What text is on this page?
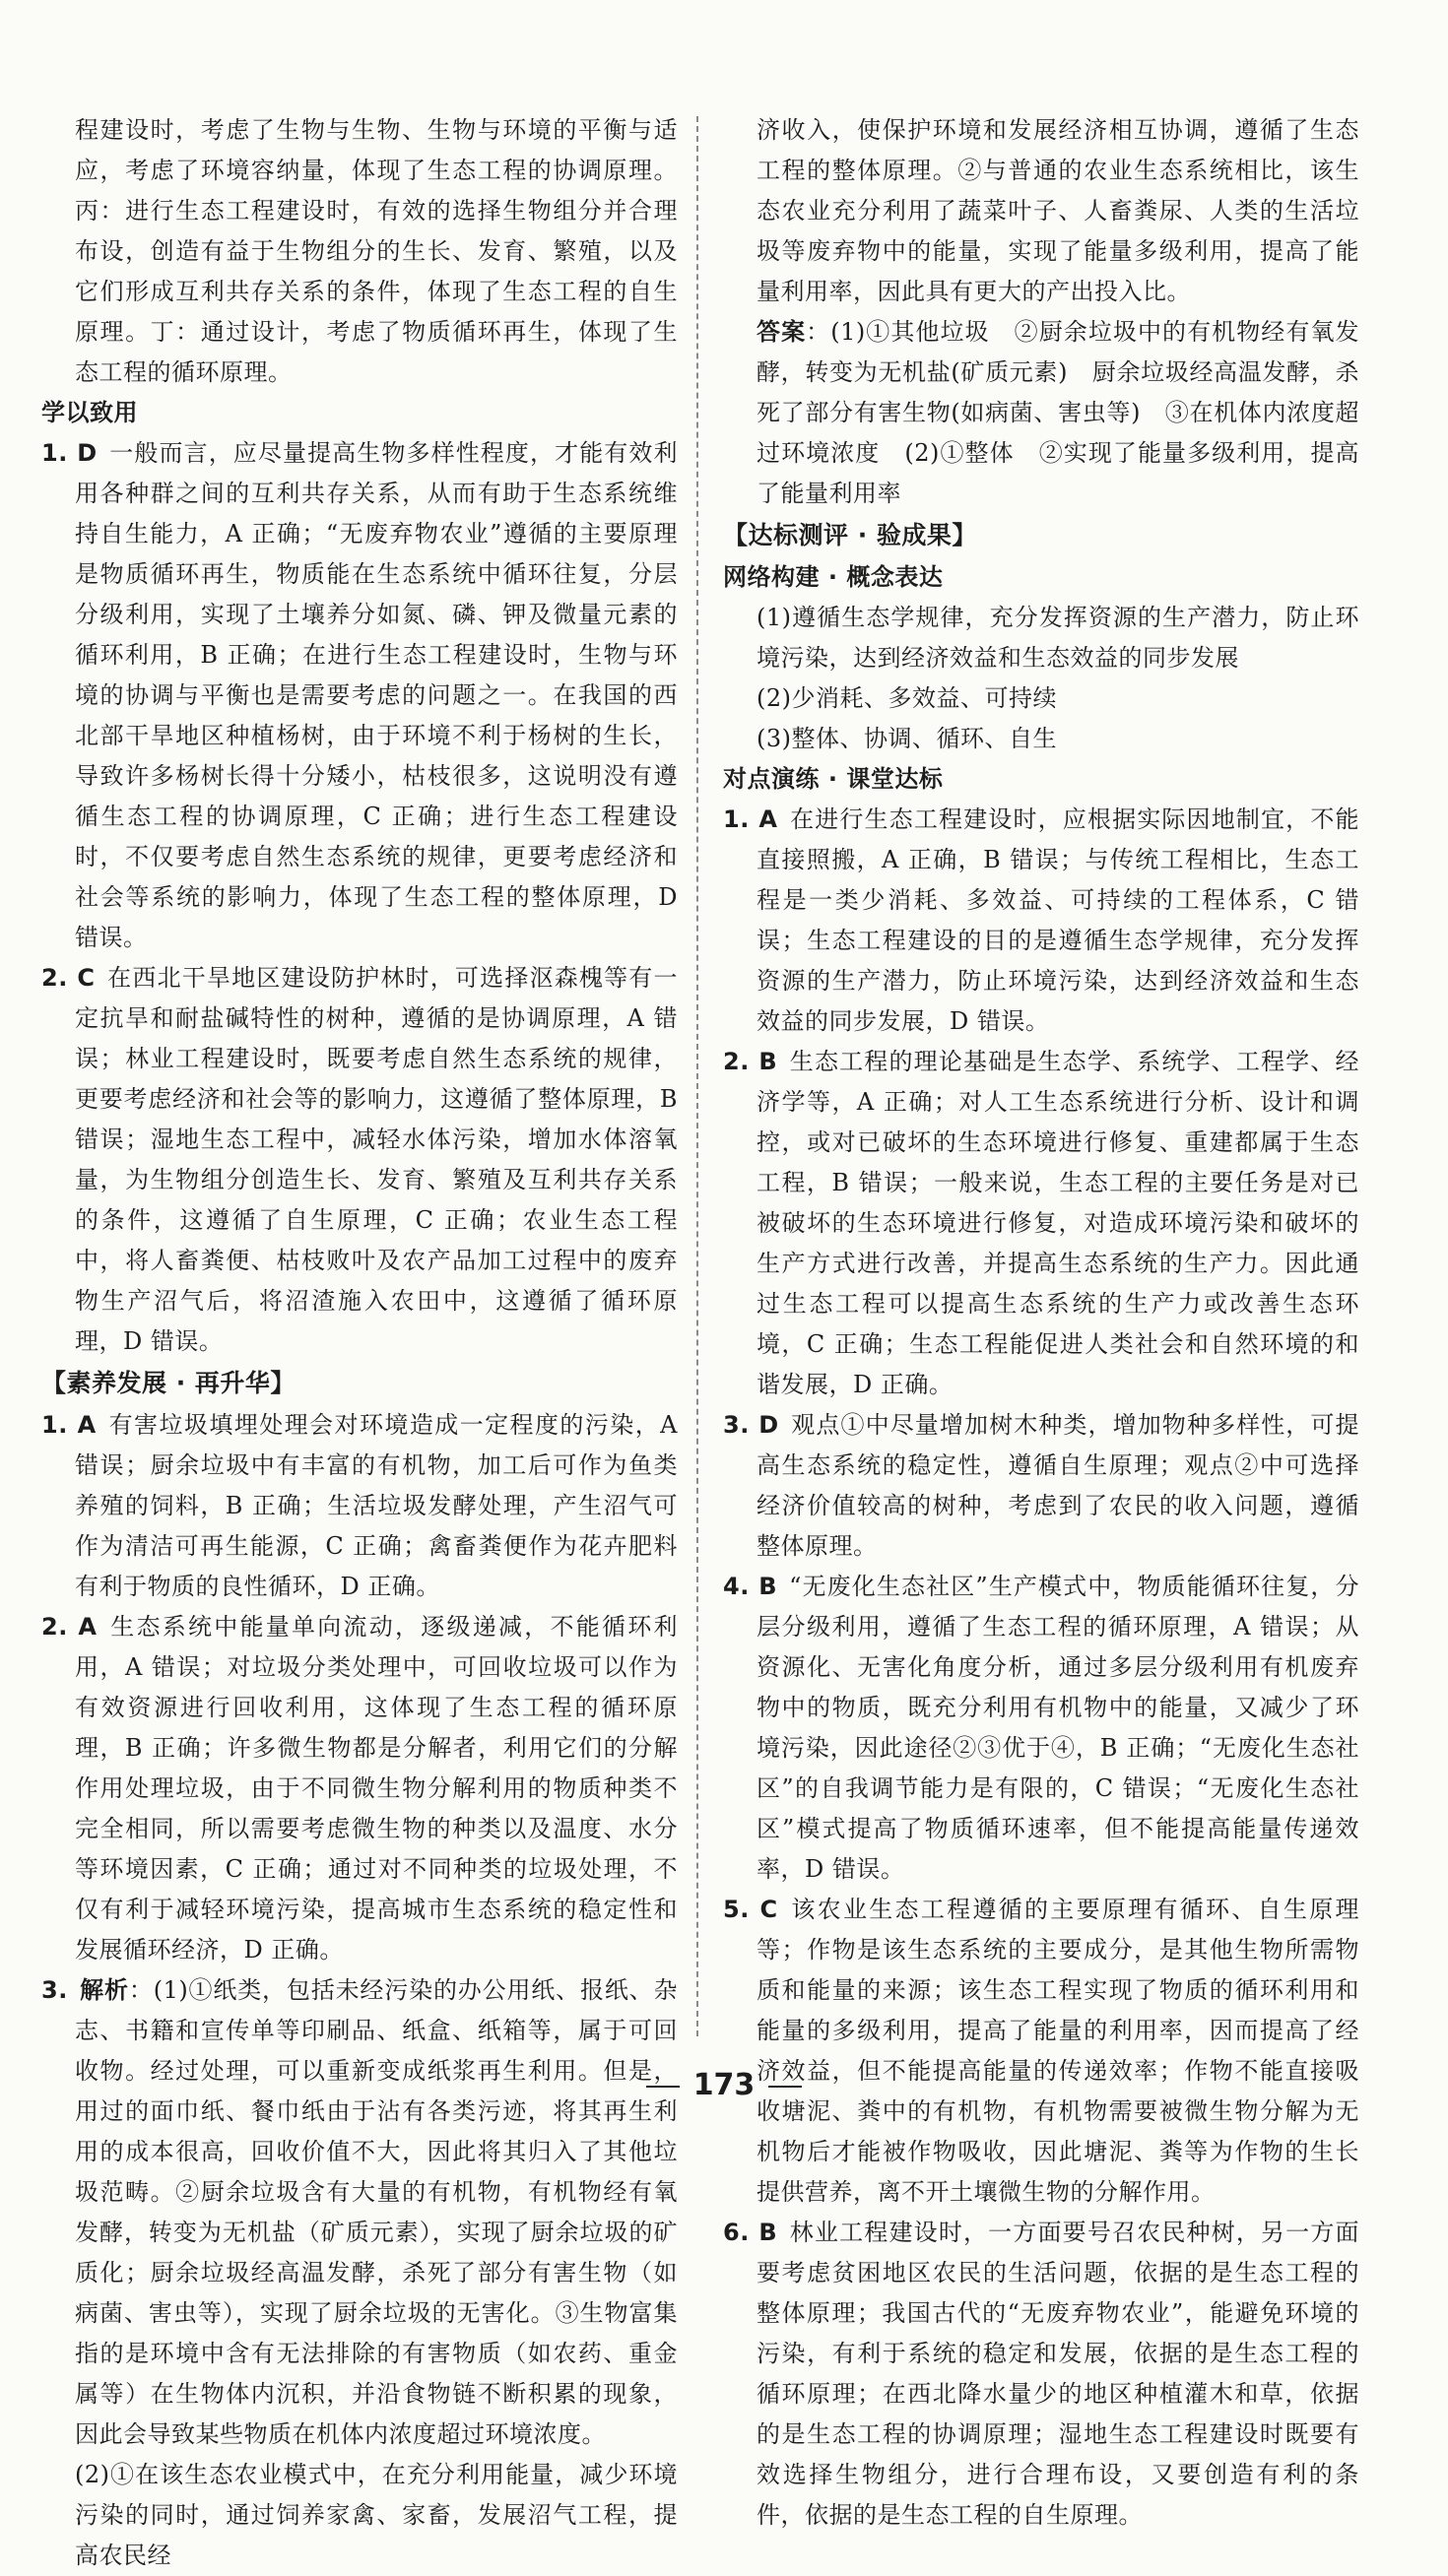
程建设时，考虑了生物与生物、生物与环境的平衡与适应，考虑了环境容纳量，体现了生态工程的协调原理。丙：进行生态工程建设时，有效的选择生物组分并合理布设，创造有益于生物组分的生长、发育、繁殖，以及它们形成互利共存关系的条件，体现了生态工程的自生原理。丁：通过设计，考虑了物质循环再生，体现了生态工程的循环原理。

学以致用

1. D 一般而言，应尽量提高生物多样性程度，才能有效利用各种群之间的互利共存关系，从而有助于生态系统维持自生能力，A 正确；“无废弃物农业”遵循的主要原理是物质循环再生，物质能在生态系统中循环往复，分层分级利用，实现了土壤养分如氮、磷、钾及微量元素的循环利用，B 正确；在进行生态工程建设时，生物与环境的协调与平衡也是需要考虑的问题之一。在我国的西北部干旱地区种植杨树，由于环境不利于杨树的生长，导致许多杨树长得十分矮小，枯枝很多，这说明没有遵循生态工程的协调原理，C 正确；进行生态工程建设时，不仅要考虑自然生态系统的规律，更要考虑经济和社会等系统的影响力，体现了生态工程的整体原理，D 错误。

2. C 在西北干旱地区建设防护林时，可选择沤森槐等有一定抗旱和耐盐碱特性的树种，遵循的是协调原理，A 错误；林业工程建设时，既要考虑自然生态系统的规律，更要考虑经济和社会等的影响力，这遵循了整体原理，B 错误；湿地生态工程中，减轻水体污染，增加水体溶氧量，为生物组分创造生长、发育、繁殖及互利共存关系的条件，这遵循了自生原理，C 正确；农业生态工程中，将人畜粪便、枯枝败叶及农产品加工过程中的废弃物生产沼气后，将沼渣施入农田中，这遵循了循环原理，D 错误。

【素养发展 · 再升华】

1. A 有害垃圾填埋处理会对环境造成一定程度的污染，A 错误；厨余垃圾中有丰富的有机物，加工后可作为鱼类养殖的饲料，B 正确；生活垃圾发酵处理，产生沼气可作为清洁可再生能源，C 正确；禽畜粪便作为花卉肥料有利于物质的良性循环，D 正确。

2. A 生态系统中能量单向流动，逐级递减，不能循环利用，A 错误；对垃圾分类处理中，可回收垃圾可以作为有效资源进行回收利用，这体现了生态工程的循环原理，B 正确；许多微生物都是分解者，利用它们的分解作用处理垃圾，由于不同微生物分解利用的物质种类不完全相同，所以需要考虑微生物的种类以及温度、水分等环境因素，C 正确；通过对不同种类的垃圾处理，不仅有利于减轻环境污染，提高城市生态系统的稳定性和发展循环经济，D 正确。

3. 解析：(1)①纸类，包括未经污染的办公用纸、报纸、杂志、书籍和宣传单等印刷品、纸盒、纸箱等，属于可回收物。经过处理，可以重新变成纸浆再生利用。但是，用过的面巾纸、餐巾纸由于沾有各类污迹，将其再生利用的成本很高，回收价值不大，因此将其归入了其他垃圾范畴。②厨余垃圾含有大量的有机物，有机物经有氧发酵，转变为无机盐（矿质元素），实现了厨余垃圾的矿质化；厨余垃圾经高温发酵，杀死了部分有害生物（如病菌、害虫等），实现了厨余垃圾的无害化。③生物富集指的是环境中含有无法排除的有害物质（如农药、重金属等）在生物体内沉积，并沿食物链不断积累的现象，因此会导致某些物质在机体内浓度超过环境浓度。

(2)①在该生态农业模式中，在充分利用能量，减少环境污染的同时，通过饲养家禽、家畜，发展沼气工程，提高农民经

济收入，使保护环境和发展经济相互协调，遵循了生态工程的整体原理。②与普通的农业生态系统相比，该生态农业充分利用了蔬菜叶子、人畜粪尿、人类的生活垃圾等废弃物中的能量，实现了能量多级利用，提高了能量利用率，因此具有更大的产出投入比。

答案：(1)①其他垃圾　②厨余垃圾中的有机物经有氧发酵，转变为无机盐(矿质元素)　厨余垃圾经高温发酵，杀死了部分有害生物(如病菌、害虫等)　③在机体内浓度超过环境浓度　(2)①整体　②实现了能量多级利用，提高了能量利用率

【达标测评 · 验成果】

网络构建 · 概念表达

(1)遵循生态学规律，充分发挥资源的生产潜力，防止环境污染，达到经济效益和生态效益的同步发展

(2)少消耗、多效益、可持续

(3)整体、协调、循环、自生

对点演练 · 课堂达标

1. A 在进行生态工程建设时，应根据实际因地制宜，不能直接照搬，A 正确，B 错误；与传统工程相比，生态工程是一类少消耗、多效益、可持续的工程体系，C 错误；生态工程建设的目的是遵循生态学规律，充分发挥资源的生产潜力，防止环境污染，达到经济效益和生态效益的同步发展，D 错误。

2. B 生态工程的理论基础是生态学、系统学、工程学、经济学等，A 正确；对人工生态系统进行分析、设计和调控，或对已破坏的生态环境进行修复、重建都属于生态工程，B 错误；一般来说，生态工程的主要任务是对已被破坏的生态环境进行修复，对造成环境污染和破坏的生产方式进行改善，并提高生态系统的生产力。因此通过生态工程可以提高生态系统的生产力或改善生态环境，C 正确；生态工程能促进人类社会和自然环境的和谐发展，D 正确。

3. D 观点①中尽量增加树木种类，增加物种多样性，可提高生态系统的稳定性，遵循自生原理；观点②中可选择经济价值较高的树种，考虑到了农民的收入问题，遵循整体原理。

4. B “无废化生态社区”生产模式中，物质能循环往复，分层分级利用，遵循了生态工程的循环原理，A 错误；从资源化、无害化角度分析，通过多层分级利用有机废弃物中的物质，既充分利用有机物中的能量，又减少了环境污染，因此途径②③优于④，B 正确；“无废化生态社区”的自我调节能力是有限的，C 错误；“无废化生态社区”模式提高了物质循环速率，但不能提高能量传递效率，D 错误。

5. C 该农业生态工程遵循的主要原理有循环、自生原理等；作物是该生态系统的主要成分，是其他生物所需物质和能量的来源；该生态工程实现了物质的循环利用和能量的多级利用，提高了能量的利用率，因而提高了经济效益，但不能提高能量的传递效率；作物不能直接吸收塘泥、粪中的有机物，有机物需要被微生物分解为无机物后才能被作物吸收，因此塘泥、粪等为作物的生长提供营养，离不开土壤微生物的分解作用。

6. B 林业工程建设时，一方面要号召农民种树，另一方面要考虑贫困地区农民的生活问题，依据的是生态工程的整体原理；我国古代的“无废弃物农业”，能避免环境的污染，有利于系统的稳定和发展，依据的是生态工程的循环原理；在西北降水量少的地区种植灌木和草，依据的是生态工程的协调原理；湿地生态工程建设时既要有效选择生物组分，进行合理布设，又要创造有利的条件，依据的是生态工程的自生原理。

173
